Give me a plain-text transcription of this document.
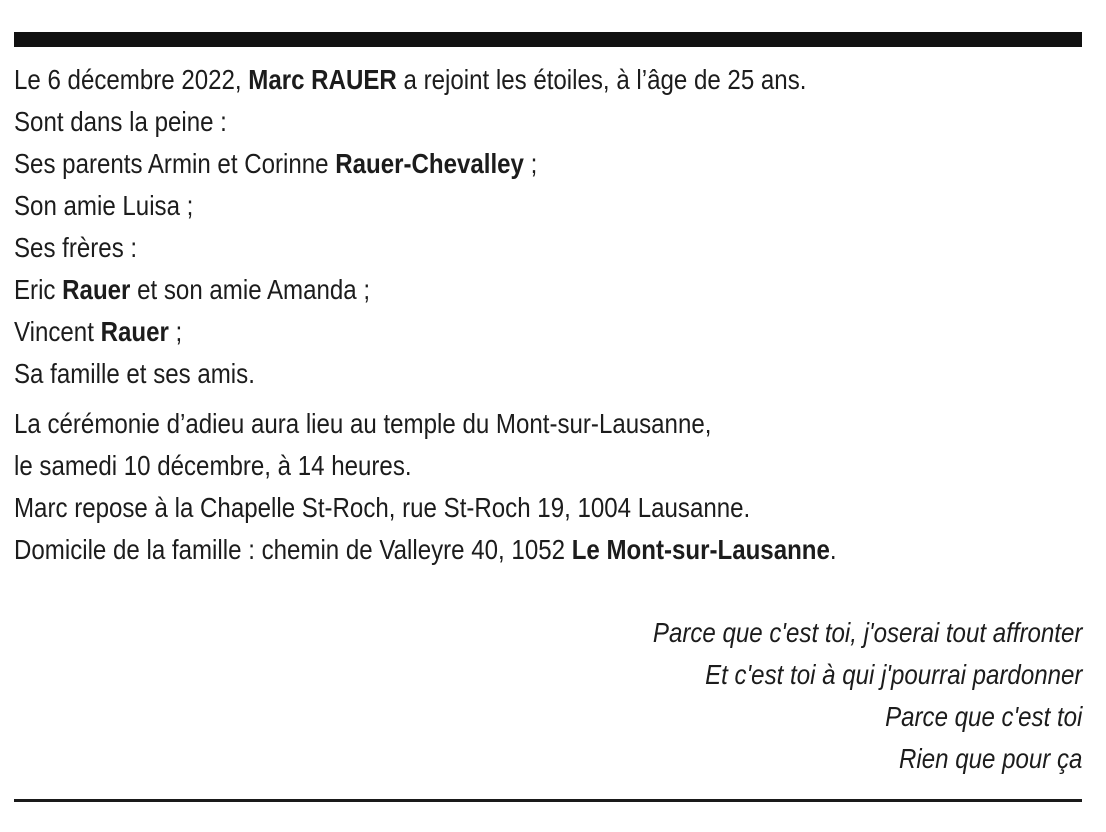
Le 6 décembre 2022, Marc RAUER a rejoint les étoiles, à l’âge de 25 ans.
Sont dans la peine :
Ses parents Armin et Corinne Rauer-Chevalley ;
Son amie Luisa ;
Ses frères :
Eric Rauer et son amie Amanda ;
Vincent Rauer ;
Sa famille et ses amis.
La cérémonie d’adieu aura lieu au temple du Mont-sur-Lausanne,
le samedi 10 décembre, à 14 heures.
Marc repose à la Chapelle St-Roch, rue St-Roch 19, 1004 Lausanne.
Domicile de la famille : chemin de Valleyre 40, 1052 Le Mont-sur-Lausanne.
Parce que c'est toi, j'oserai tout affronter
Et c'est toi à qui j'pourrai pardonner
Parce que c'est toi
Rien que pour ça
